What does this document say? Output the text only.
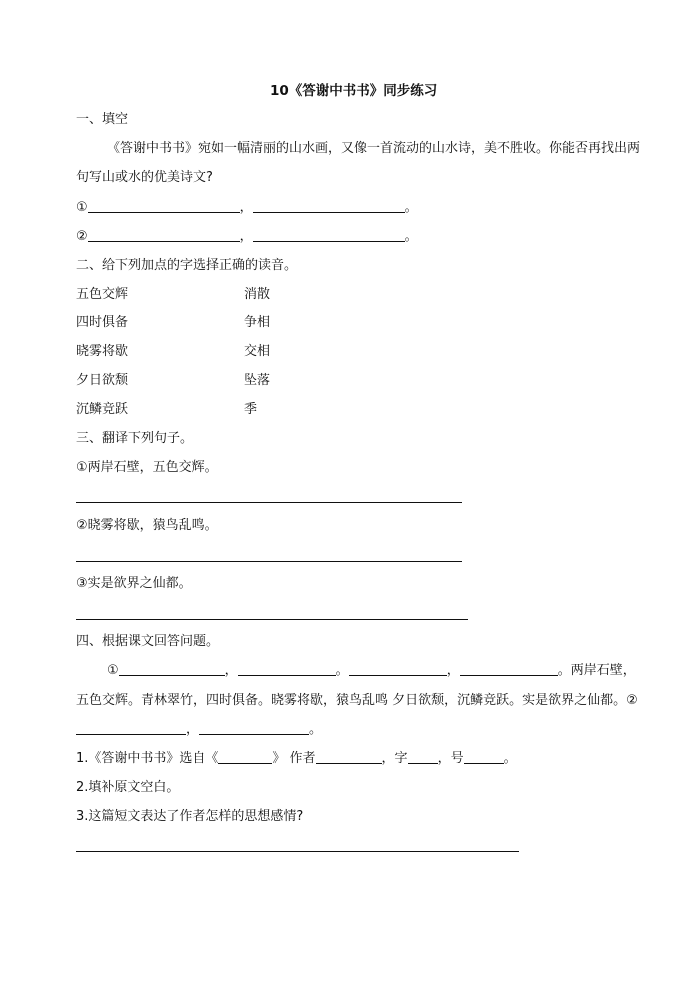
10《答谢中书书》同步练习
一、填空
《答谢中书书》宛如一幅清丽的山水画，又像一首流动的山水诗，美不胜收。你能否再找出两
句写山或水的优美诗文?
①	，	。
②	，	。
二、给下列加点的字选择正确的读音。
五色交辉	消散
四时俱备	争相
晓雾将歇	交相
夕日欲颓	坠落
沉鳞竞跃	季
三、翻译下列句子。
①两岸石壁，五色交辉。
②晓雾将歇，猿鸟乱鸣。
③实是欲界之仙都。
四、根据课文回答问题。
①	，	。	，	。两岸石壁，
五色交辉。青林翠竹，四时俱备。晓雾将歇，猿鸟乱鸣 夕日欲颓，沉鳞竞跃。实是欲界之仙都。②
，	。
1.《答谢中书书》选自《	》 作者	，字 ，号	。
2.填补原文空白。
3.这篇短文表达了作者怎样的思想感情?
